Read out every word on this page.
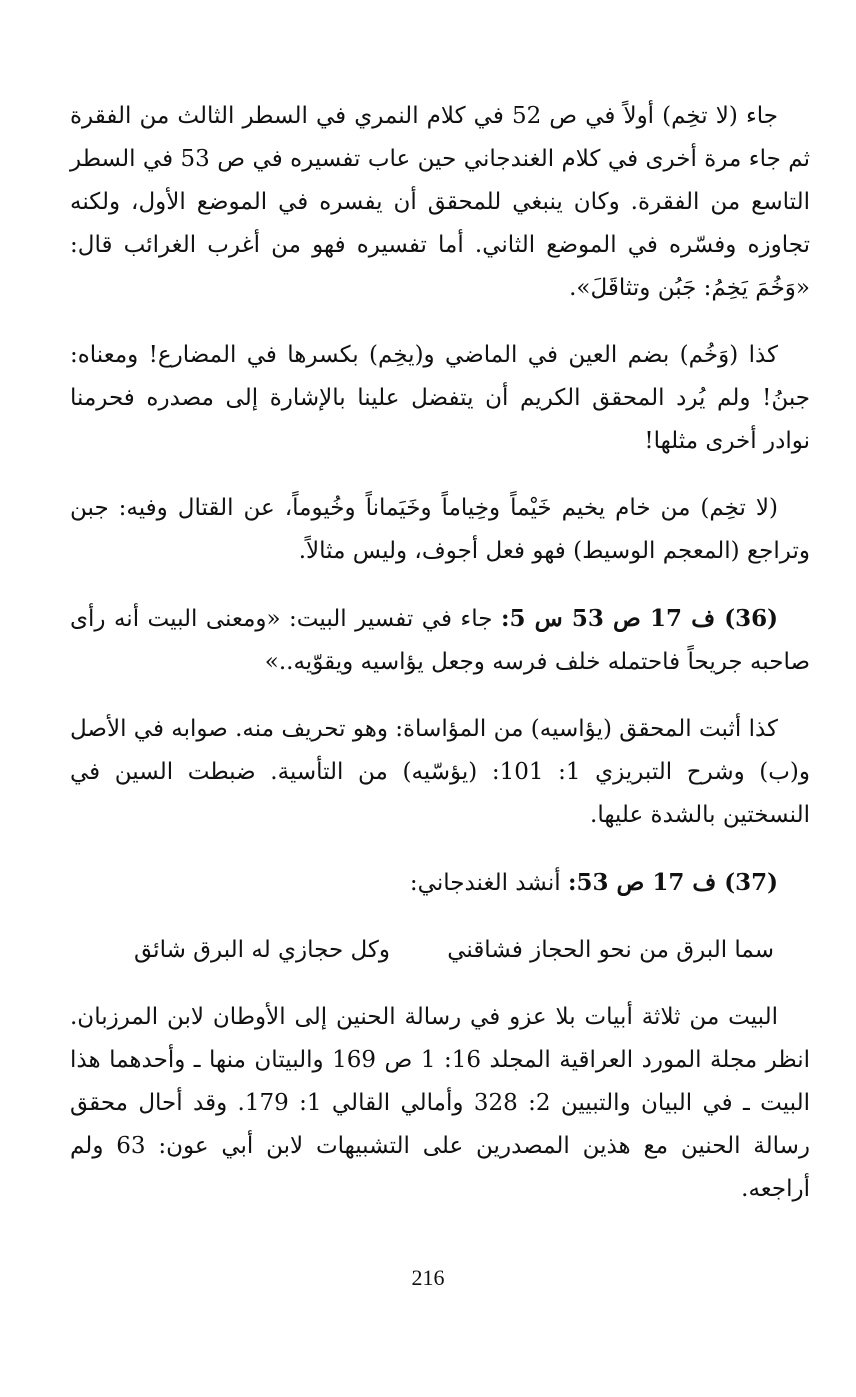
جاء (لا تخِم) أولاً في ص 52 في كلام النمري في السطر الثالث من الفقرة ثم جاء مرة أخرى في كلام الغندجاني حين عاب تفسيره في ص 53 في السطر التاسع من الفقرة. وكان ينبغي للمحقق أن يفسره في الموضع الأول، ولكنه تجاوزه وفسّره في الموضع الثاني. أما تفسيره فهو من أغرب الغرائب قال: «وَخُمَ يَخِمُ: جَبُن وتثاقَلَ».

كذا (وَخُم) بضم العين في الماضي و(يخِم) بكسرها في المضارع! ومعناه: جبنُ! ولم يُرد المحقق الكريم أن يتفضل علينا بالإشارة إلى مصدره فحرمنا نوادر أخرى مثلها!

(لا تخِم) من خام يخيم خَيْماً وخِياماً وخَيَماناً وخُيوماً، عن القتال وفيه: جبن وتراجع (المعجم الوسيط) فهو فعل أجوف، وليس مثالاً.

(36) ف 17 ص 53 س 5: جاء في تفسير البيت: «ومعنى البيت أنه رأى صاحبه جريحاً فاحتمله خلف فرسه وجعل يؤاسيه ويقوّيه..»

كذا أثبت المحقق (يؤاسيه) من المؤاساة: وهو تحريف منه. صوابه في الأصل و(ب) وشرح التبريزي 1: 101: (يؤسّيه) من التأسية. ضبطت السين في النسختين بالشدة عليها.

(37) ف 17 ص 53: أنشد الغندجاني:

سما البرق من نحو الحجاز فشاقني
وكل حجازي له البرق شائق

البيت من ثلاثة أبيات بلا عزو في رسالة الحنين إلى الأوطان لابن المرزبان. انظر مجلة المورد العراقية المجلد 16: 1 ص 169 والبيتان منها ـ وأحدهما هذا البيت ـ في البيان والتبيين 2: 328 وأمالي القالي 1: 179. وقد أحال محقق رسالة الحنين مع هذين المصدرين على التشبيهات لابن أبي عون: 63 ولم أراجعه.

216
